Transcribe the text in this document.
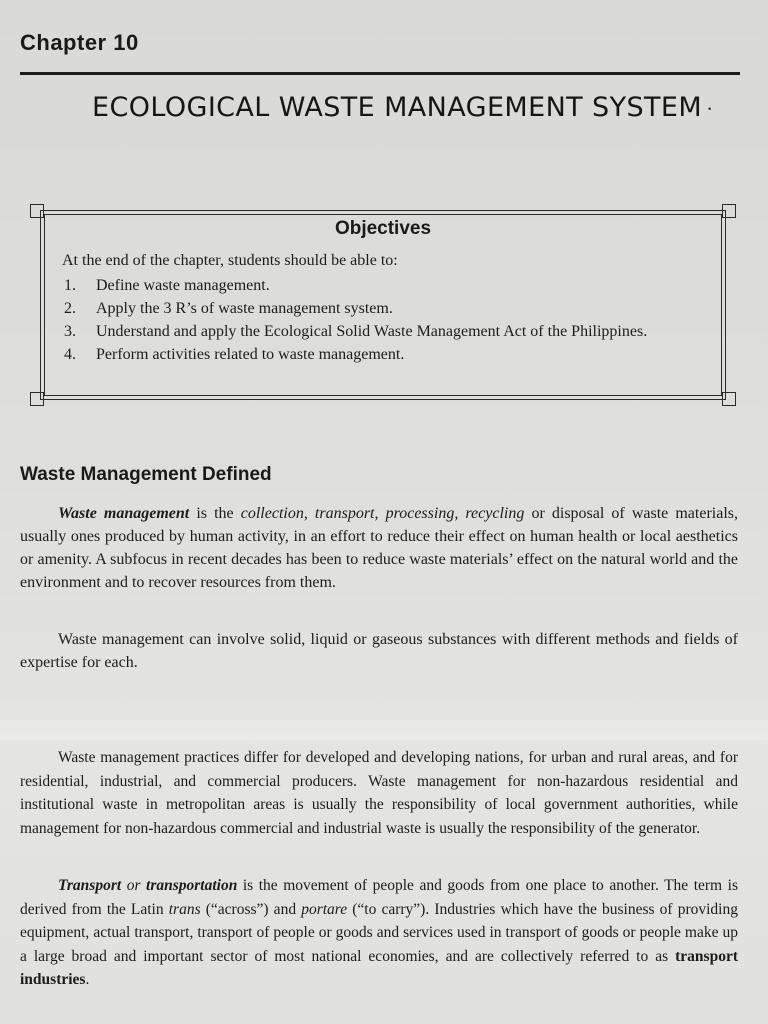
Chapter 10
ECOLOGICAL WASTE MANAGEMENT SYSTEM ·
Objectives
At the end of the chapter, students should be able to:
1. Define waste management.
2. Apply the 3 R’s of waste management system.
3. Understand and apply the Ecological Solid Waste Management Act of the Philippines.
4. Perform activities related to waste management.
Waste Management Defined

Waste management is the collection, transport, processing, recycling or disposal of waste materials, usually ones produced by human activity, in an effort to reduce their effect on human health or local aesthetics or amenity. A subfocus in recent decades has been to reduce waste materials’ effect on the natural world and the environment and to recover resources from them.

Waste management can involve solid, liquid or gaseous substances with different methods and fields of expertise for each.

Waste management practices differ for developed and developing nations, for urban and rural areas, and for residential, industrial, and commercial producers. Waste management for non-hazardous residential and institutional waste in metropolitan areas is usually the responsibility of local government authorities, while management for non-hazardous commercial and industrial waste is usually the responsibility of the generator.

Transport or transportation is the movement of people and goods from one place to another. The term is derived from the Latin trans (“across”) and portare (“to carry”). Industries which have the business of providing equipment, actual transport, transport of people or goods and services used in transport of goods or people make up a large broad and important sector of most national economies, and are collectively referred to as transport industries.
